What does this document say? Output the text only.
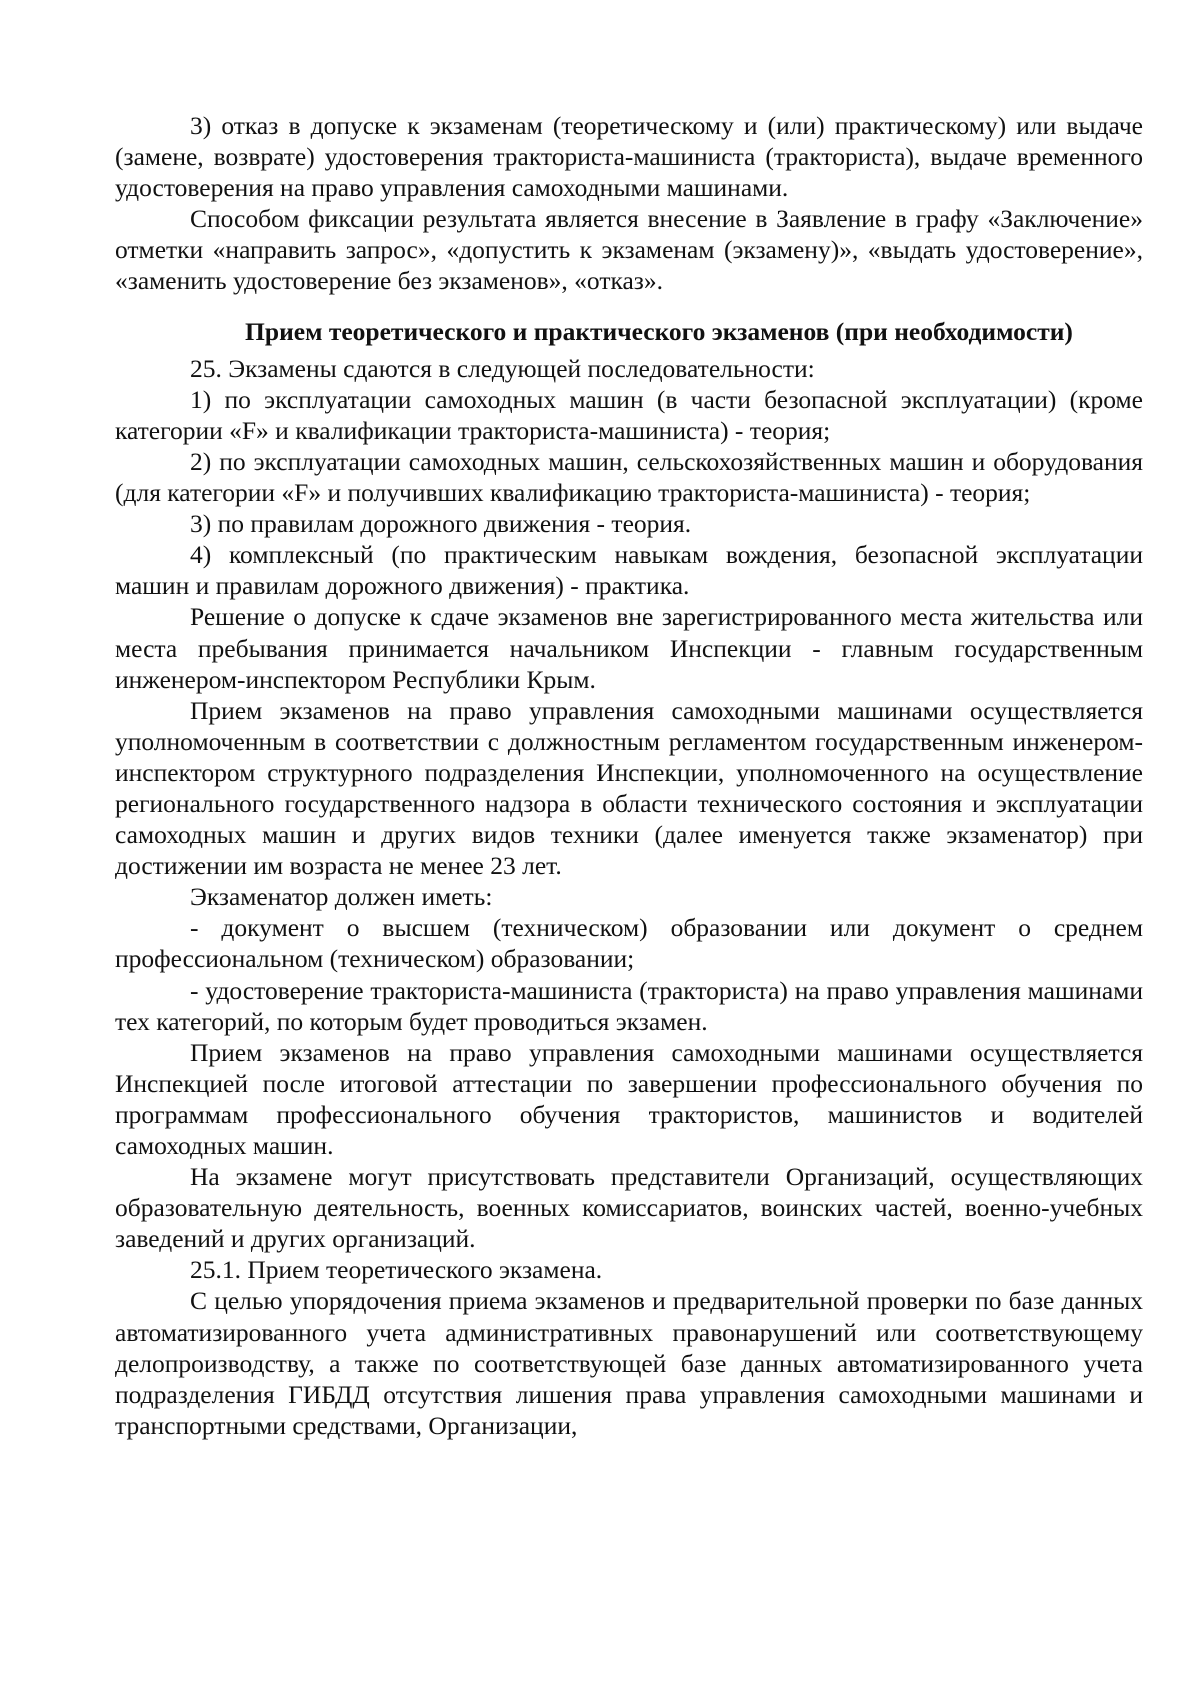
3) отказ в допуске к экзаменам (теоретическому и (или) практическому) или выдаче (замене, возврате) удостоверения тракториста-машиниста (тракториста), выдаче временного удостоверения на право управления самоходными машинами.

Способом фиксации результата является внесение в Заявление в графу «Заключение» отметки «направить запрос», «допустить к экзаменам (экзамену)», «выдать удостоверение», «заменить удостоверение без экзаменов», «отказ».

Прием теоретического и практического экзаменов (при необходимости)

25. Экзамены сдаются в следующей последовательности:

1) по эксплуатации самоходных машин (в части безопасной эксплуатации) (кроме категории «F» и квалификации тракториста-машиниста) - теория;

2) по эксплуатации самоходных машин, сельскохозяйственных машин и оборудования (для категории «F» и получивших квалификацию тракториста-машиниста) - теория;

3) по правилам дорожного движения - теория.

4) комплексный (по практическим навыкам вождения, безопасной эксплуатации машин и правилам дорожного движения) - практика.

Решение о допуске к сдаче экзаменов вне зарегистрированного места жительства или места пребывания принимается начальником Инспекции - главным государственным инженером-инспектором Республики Крым.

Прием экзаменов на право управления самоходными машинами осуществляется уполномоченным в соответствии с должностным регламентом государственным инженером-инспектором структурного подразделения Инспекции, уполномоченного на осуществление регионального государственного надзора в области технического состояния и эксплуатации самоходных машин и других видов техники (далее именуется также экзаменатор) при достижении им возраста не менее 23 лет.

Экзаменатор должен иметь:

- документ о высшем (техническом) образовании или документ о среднем профессиональном (техническом) образовании;

- удостоверение тракториста-машиниста (тракториста) на право управления машинами тех категорий, по которым будет проводиться экзамен.

Прием экзаменов на право управления самоходными машинами осуществляется Инспекцией после итоговой аттестации по завершении профессионального обучения по программам профессионального обучения трактористов, машинистов и водителей самоходных машин.

На экзамене могут присутствовать представители Организаций, осуществляющих образовательную деятельность, военных комиссариатов, воинских частей, военно-учебных заведений и других организаций.

25.1. Прием теоретического экзамена.

С целью упорядочения приема экзаменов и предварительной проверки по базе данных автоматизированного учета административных правонарушений или соответствующему делопроизводству, а также по соответствующей базе данных автоматизированного учета подразделения ГИБДД отсутствия лишения права управления самоходными машинами и транспортными средствами, Организации,
